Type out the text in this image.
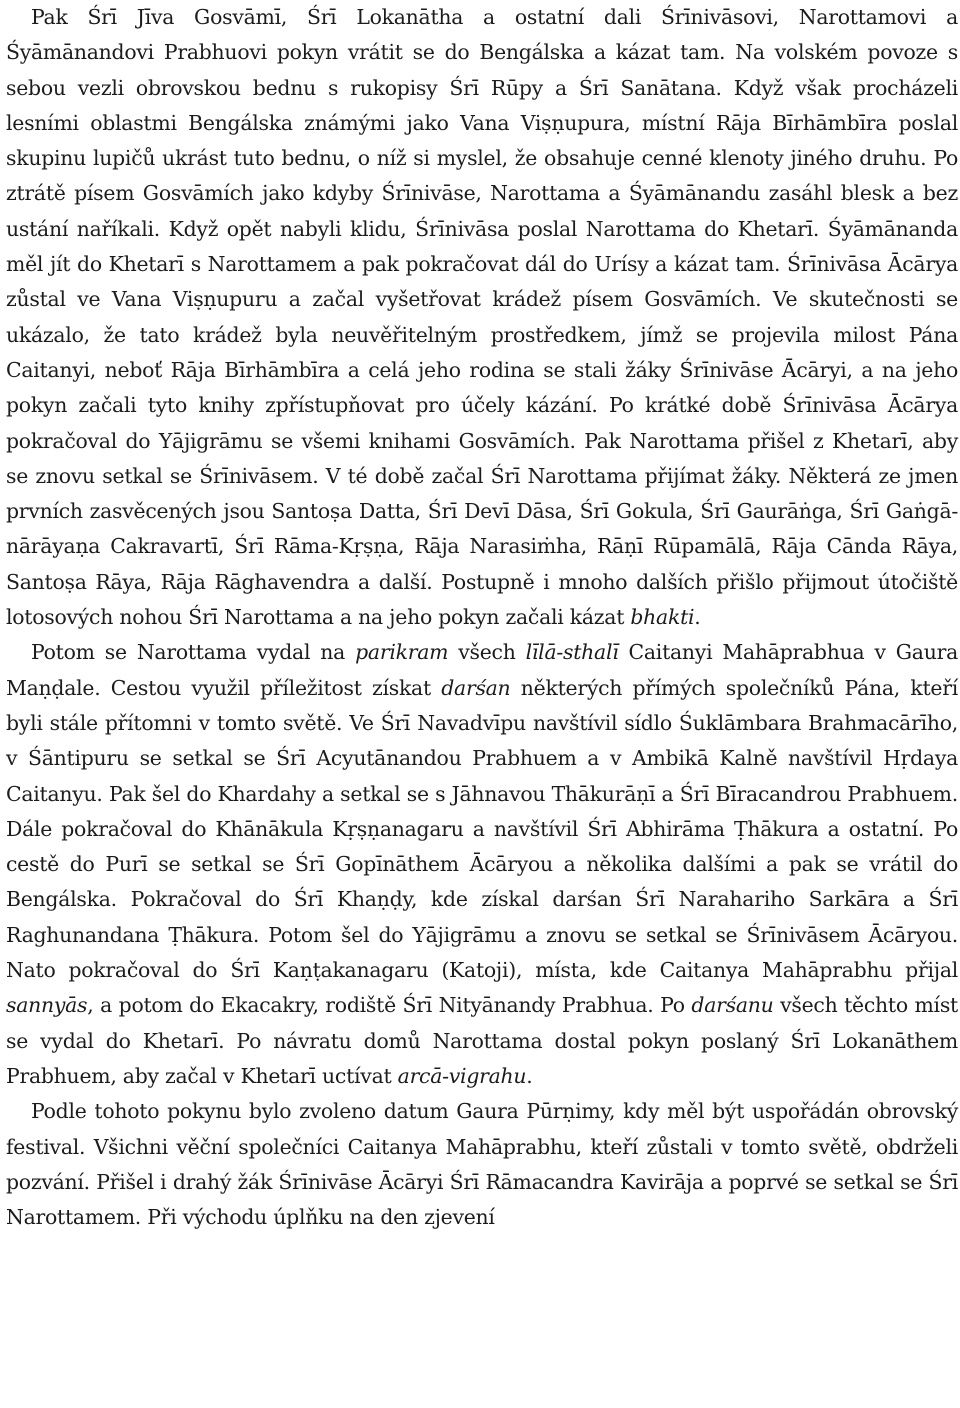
Pak Śrī Jīva Gosvāmī, Śrī Lokanātha a ostatní dali Śrīnivāsovi, Narottamovi a Śyāmānandovi Prabhuovi pokyn vrátit se do Bengálska a kázat tam. Na volském povoze s sebou vezli obrovskou bednu s rukopisy Śrī Rūpy a Śrī Sanātana. Když však procházeli lesními oblastmi Bengálska známými jako Vana Viṣṇupura, místní Rāja Bīrhāmbīra poslal skupinu lupičů ukrást tuto bednu, o níž si myslel, že obsahuje cenné klenoty jiného druhu. Po ztrátě písem Gosvāmích jako kdyby Śrīnivāse, Narottama a Śyāmānandu zasáhl blesk a bez ustání naříkali. Když opět nabyli klidu, Śrīnivāsa poslal Narottama do Khetarī. Śyāmānanda měl jít do Khetarī s Narottamem a pak pokračovat dál do Urísy a kázat tam. Śrīnivāsa Ācārya zůstal ve Vana Viṣṇupuru a začal vyšetřovat krádež písem Gosvāmích. Ve skutečnosti se ukázalo, že tato krádež byla neuvěřitelným prostředkem, jímž se projevila milost Pána Caitanyi, neboť Rāja Bīrhāmbīra a celá jeho rodina se stali žáky Śrīnivāse Ācāryi, a na jeho pokyn začali tyto knihy zpřístupňovat pro účely kázání. Po krátké době Śrīnivāsa Ācārya pokračoval do Yājigrāmu se všemi knihami Gosvāmích. Pak Narottama přišel z Khetarī, aby se znovu setkal se Śrīnivāsem. V té době začal Śrī Narottama přijímat žáky. Některá ze jmen prvních zasvěcených jsou Santoṣa Datta, Śrī Devī Dāsa, Śrī Gokula, Śrī Gaurāṅga, Śrī Gaṅgā-nārāyaṇa Cakravartī, Śrī Rāma-Kṛṣṇa, Rāja Narasiṁha, Rāṇī Rūpamālā, Rāja Cānda Rāya, Santoṣa Rāya, Rāja Rāghavendra a další. Postupně i mnoho dalších přišlo přijmout útočiště lotosových nohou Śrī Narottama a na jeho pokyn začali kázat bhakti.

Potom se Narottama vydal na parikram všech līlā-sthalī Caitanyi Mahāprabhua v Gaura Maṇḍale. Cestou využil příležitost získat darśan některých přímých společníků Pána, kteří byli stále přítomni v tomto světě. Ve Śrī Navadvīpu navštívil sídlo Śuklāmbara Brahmacārīho, v Śāntipuru se setkal se Śrī Acyutānandou Prabhuem a v Ambikā Kalně navštívil Hṛdaya Caitanyu. Pak šel do Khardahy a setkal se s Jāhnavou Thākurāṇī a Śrī Bīracandrou Prabhuem. Dále pokračoval do Khānākula Kṛṣṇanagaru a navštívil Śrī Abhirāma Ṭhākura a ostatní. Po cestě do Purī se setkal se Śrī Gopīnāthem Ācāryou a několika dalšími a pak se vrátil do Bengálska. Pokračoval do Śrī Khaṇḍy, kde získal darśan Śrī Narahariho Sarkāra a Śrī Raghunandana Ṭhākura. Potom šel do Yājigrāmu a znovu se setkal se Śrīnivāsem Ācāryou. Nato pokračoval do Śrī Kaṇṭakanagaru (Katoji), místa, kde Caitanya Mahāprabhu přijal sannyās, a potom do Ekacakry, rodiště Śrī Nityānandy Prabhua. Po darśanu všech těchto míst se vydal do Khetarī. Po návratu domů Narottama dostal pokyn poslaný Śrī Lokanāthem Prabhuem, aby začal v Khetarī uctívat arcā-vigrahu.

Podle tohoto pokynu bylo zvoleno datum Gaura Pūrṇimy, kdy měl být uspořádán obrovský festival. Všichni věční společníci Caitanya Mahāprabhu, kteří zůstali v tomto světě, obdrželi pozvání. Přišel i drahý žák Śrīnivāse Ācāryi Śrī Rāmacandra Kavirāja a poprvé se setkal se Śrī Narottamem. Při východu úplňku na den zjevení
